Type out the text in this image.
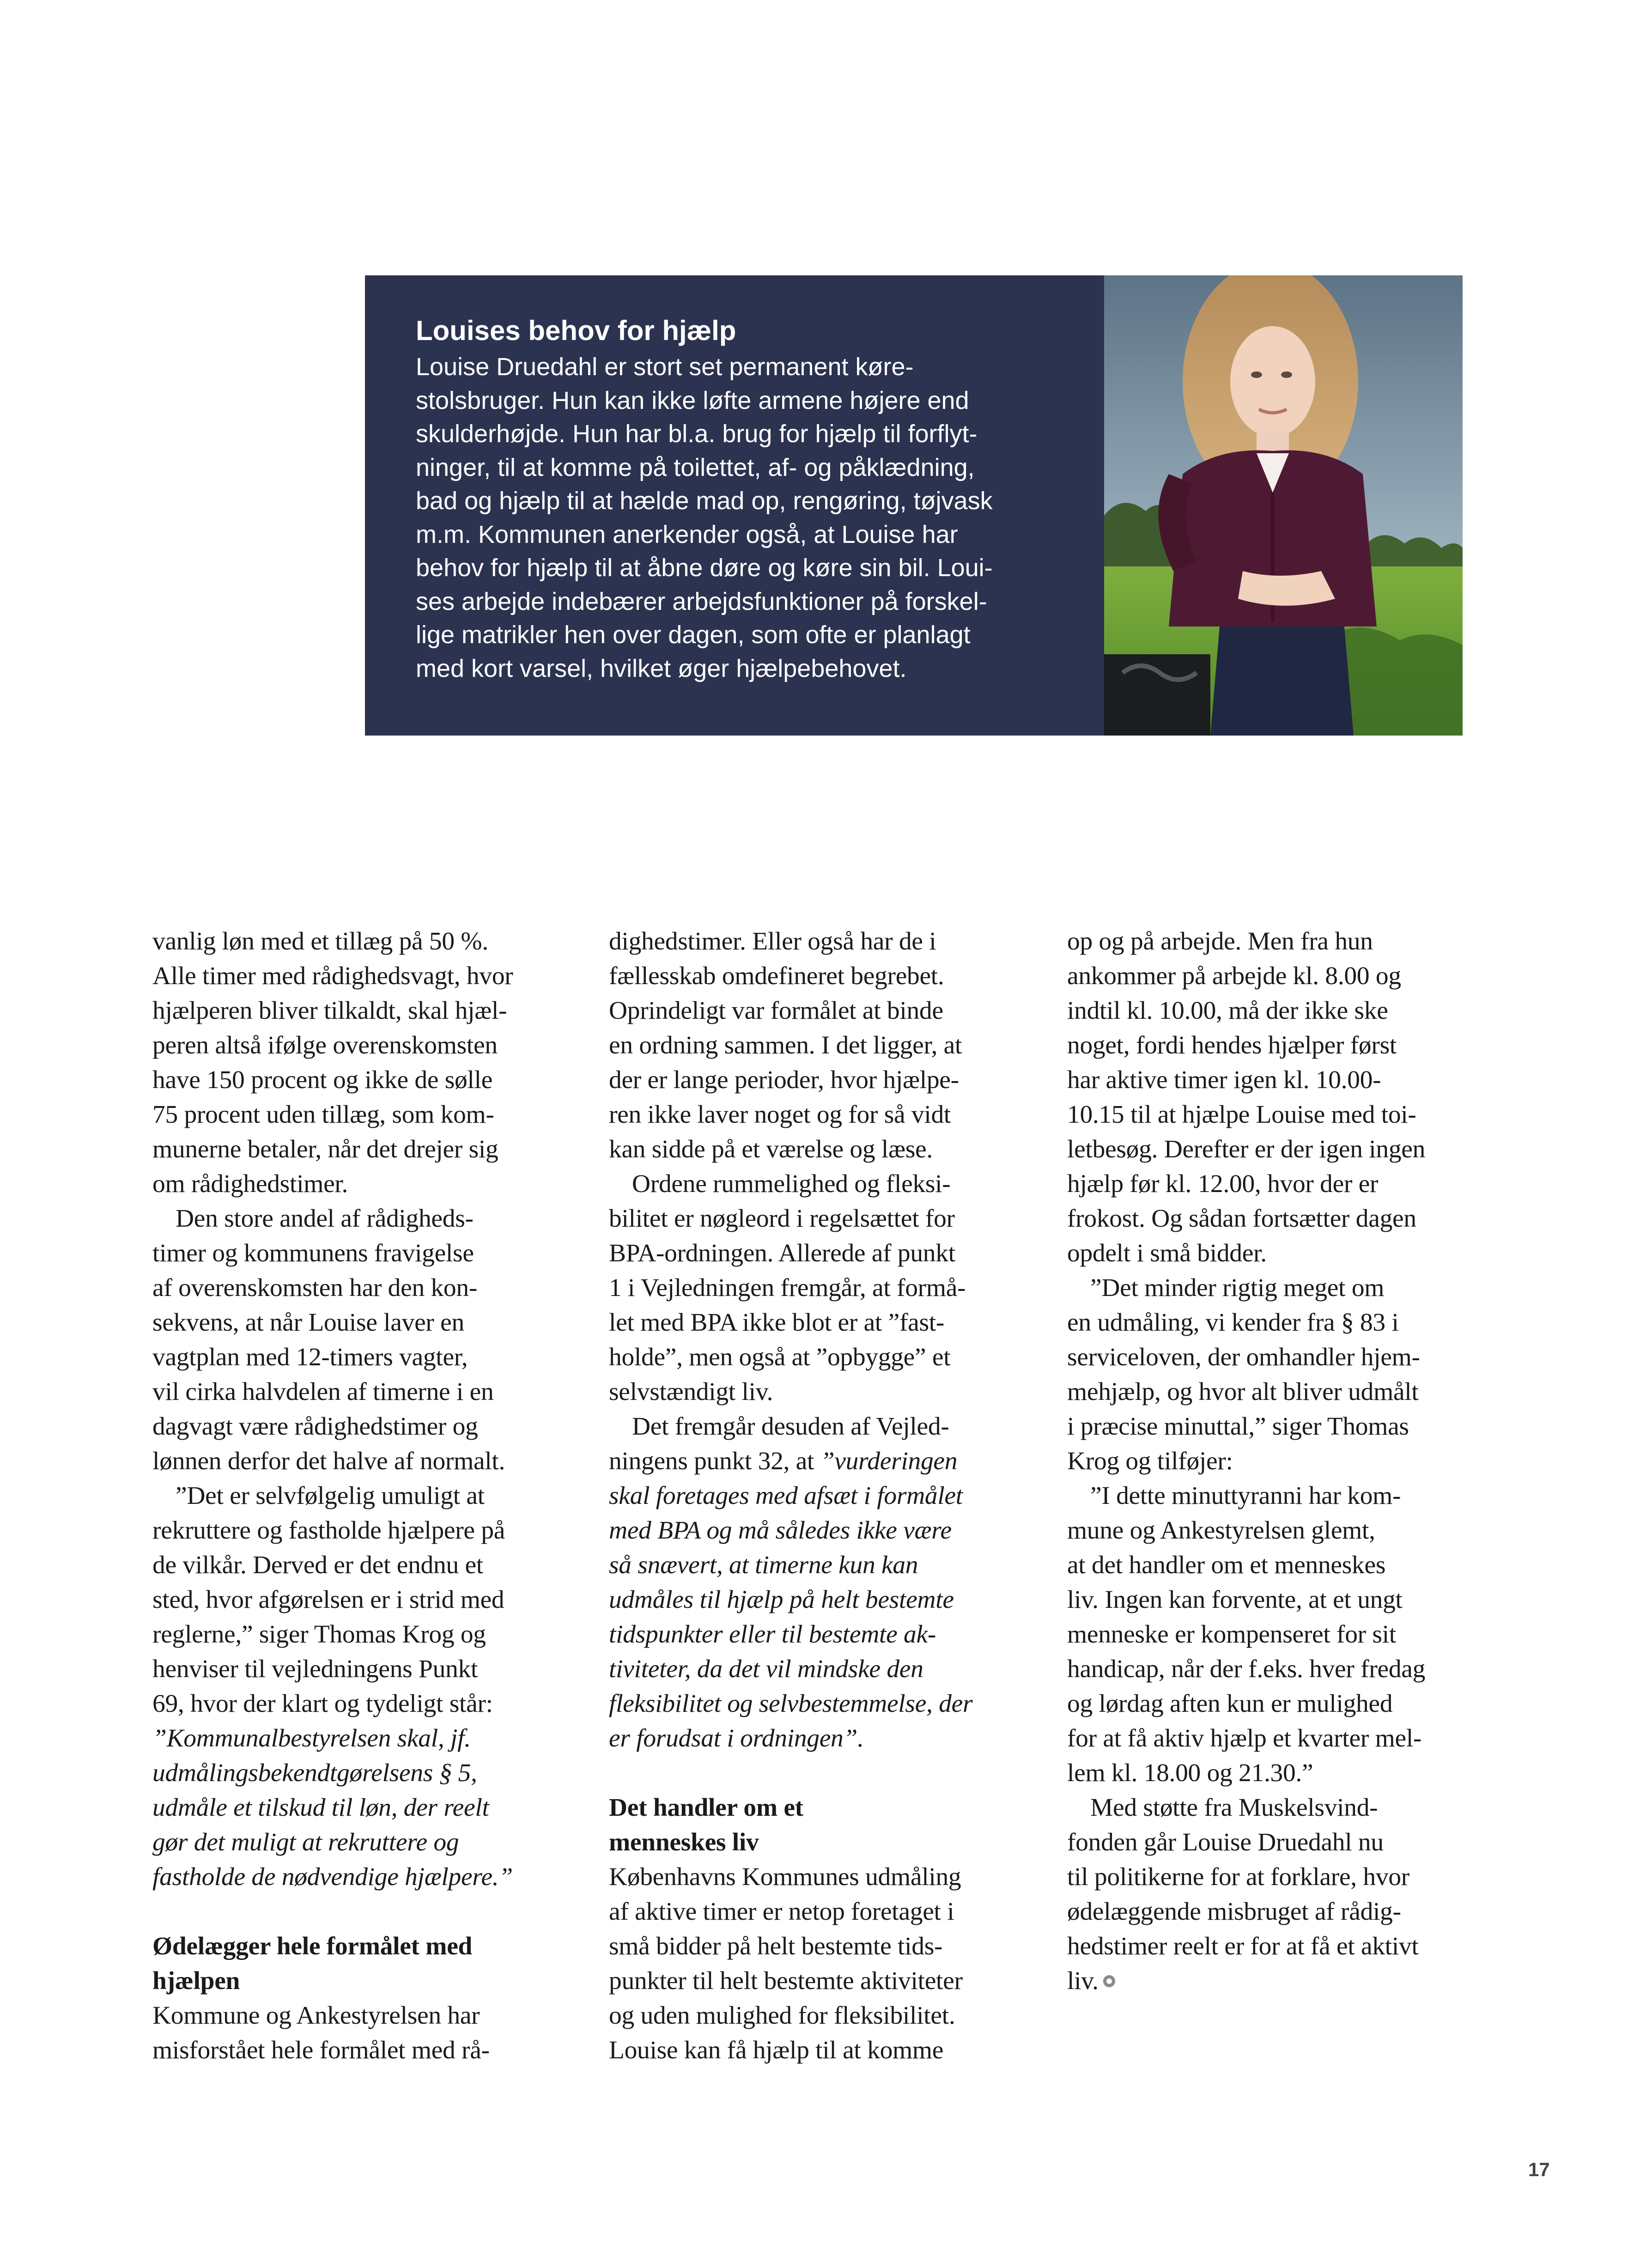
Louises behov for hjælp
Louise Druedahl er stort set permanent køre-
stolsbruger. Hun kan ikke løfte armene højere end
skulderhøjde. Hun har bl.a. brug for hjælp til forflyt-
ninger, til at komme på toilettet, af- og påklædning,
bad og hjælp til at hælde mad op, rengøring, tøjvask
m.m. Kommunen anerkender også, at Louise har
behov for hjælp til at åbne døre og køre sin bil. Loui-
ses arbejde indebærer arbejdsfunktioner på forskel-
lige matrikler hen over dagen, som ofte er planlagt
med kort varsel, hvilket øger hjælpebehovet.

vanlig løn med et tillæg på 50 %.
Alle timer med rådighedsvagt, hvor
hjælperen bliver tilkaldt, skal hjæl-
peren altså ifølge overenskomsten
have 150 procent og ikke de sølle
75 procent uden tillæg, som kom-
munerne betaler, når det drejer sig
om rådighedstimer.

Den store andel af rådigheds-
timer og kommunens fravigelse
af overenskomsten har den kon-
sekvens, at når Louise laver en
vagtplan med 12-timers vagter,
vil cirka halvdelen af timerne i en
dagvagt være rådighedstimer og
lønnen derfor det halve af normalt.

”Det er selvfølgelig umuligt at
rekruttere og fastholde hjælpere på
de vilkår. Derved er det endnu et
sted, hvor afgørelsen er i strid med
reglerne,” siger Thomas Krog og
henviser til vejledningens Punkt
69, hvor der klart og tydeligt står:

”Kommunalbestyrelsen skal, jf.
udmålingsbekendtgørelsens § 5,
udmåle et tilskud til løn, der reelt
gør det muligt at rekruttere og
fastholde de nødvendige hjælpere.”

Ødelægger hele formålet med
hjælpen

Kommune og Ankestyrelsen har
misforstået hele formålet med rå-

dighedstimer. Eller også har de i
fællesskab omdefineret begrebet.
Oprindeligt var formålet at binde
en ordning sammen. I det ligger, at
der er lange perioder, hvor hjælpe-
ren ikke laver noget og for så vidt
kan sidde på et værelse og læse.

Ordene rummelighed og fleksi-
bilitet er nøgleord i regelsættet for
BPA-ordningen. Allerede af punkt
1 i Vejledningen fremgår, at formå-
let med BPA ikke blot er at ”fast-
holde”, men også at ”opbygge” et
selvstændigt liv.

Det fremgår desuden af Vejled-
ningens punkt 32, at ”vurderingen
skal foretages med afsæt i formålet
med BPA og må således ikke være
så snævert, at timerne kun kan
udmåles til hjælp på helt bestemte
tidspunkter eller til bestemte ak-
tiviteter, da det vil mindske den
fleksibilitet og selvbestemmelse, der
er forudsat i ordningen”.

Det handler om et
menneskes liv

Københavns Kommunes udmåling
af aktive timer er netop foretaget i
små bidder på helt bestemte tids-
punkter til helt bestemte aktiviteter
og uden mulighed for fleksibilitet.
Louise kan få hjælp til at komme

op og på arbejde. Men fra hun
ankommer på arbejde kl. 8.00 og
indtil kl. 10.00, må der ikke ske
noget, fordi hendes hjælper først
har aktive timer igen kl. 10.00-
10.15 til at hjælpe Louise med toi-
letbesøg. Derefter er der igen ingen
hjælp før kl. 12.00, hvor der er
frokost. Og sådan fortsætter dagen
opdelt i små bidder.

”Det minder rigtig meget om
en udmåling, vi kender fra § 83 i
serviceloven, der omhandler hjem-
mehjælp, og hvor alt bliver udmålt
i præcise minuttal,” siger Thomas
Krog og tilføjer:

”I dette minuttyranni har kom-
mune og Ankestyrelsen glemt,
at det handler om et menneskes
liv. Ingen kan forvente, at et ungt
menneske er kompenseret for sit
handicap, når der f.eks. hver fredag
og lørdag aften kun er mulighed
for at få aktiv hjælp et kvarter mel-
lem kl. 18.00 og 21.30.”

Med støtte fra Muskelsvind-
fonden går Louise Druedahl nu
til politikerne for at forklare, hvor
ødelæggende misbruget af rådig-
hedstimer reelt er for at få et aktivt
liv.

17
